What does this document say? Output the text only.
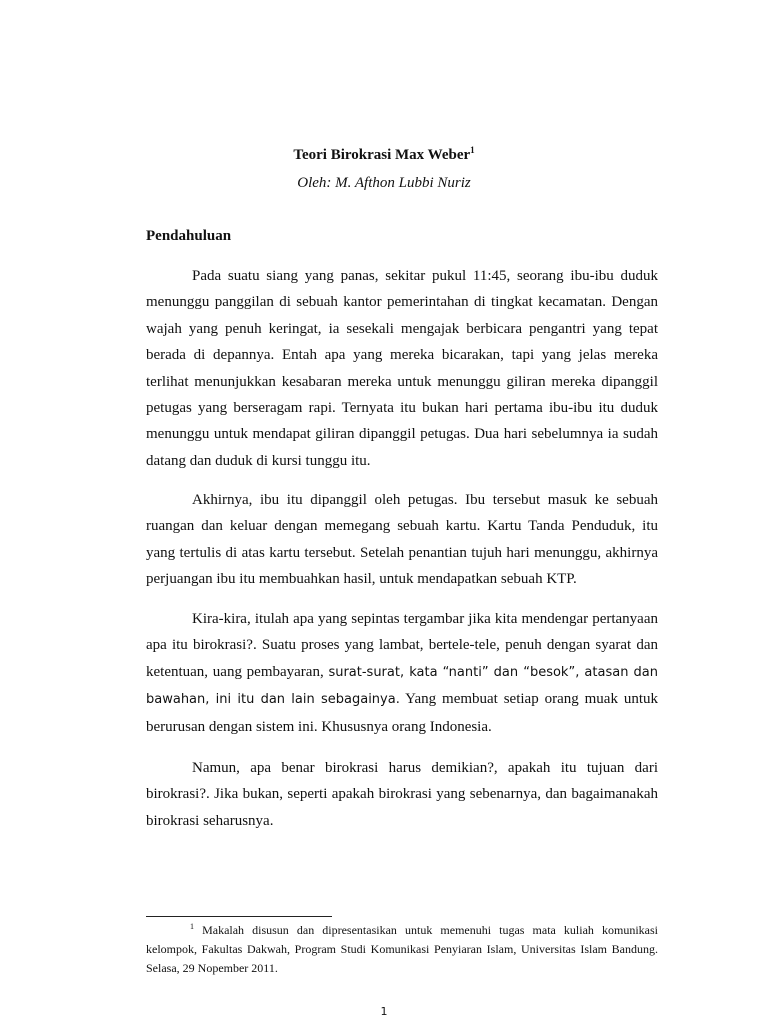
Teori Birokrasi Max Weber$^1$
Oleh: M. Afthon Lubbi Nuriz
Pendahuluan

Pada suatu siang yang panas, sekitar pukul 11:45, seorang ibu-ibu duduk menunggu panggilan di sebuah kantor pemerintahan di tingkat kecamatan. Dengan wajah yang penuh keringat, ia sesekali mengajak berbicara pengantri yang tepat berada di depannya. Entah apa yang mereka bicarakan, tapi yang jelas mereka terlihat menunjukkan kesabaran mereka untuk menunggu giliran mereka dipanggil petugas yang berseragam rapi. Ternyata itu bukan hari pertama ibu-ibu itu duduk menunggu untuk mendapat giliran dipanggil petugas. Dua hari sebelumnya ia sudah datang dan duduk di kursi tunggu itu.

Akhirnya, ibu itu dipanggil oleh petugas. Ibu tersebut masuk ke sebuah ruangan dan keluar dengan memegang sebuah kartu. Kartu Tanda Penduduk, itu yang tertulis di atas kartu tersebut. Setelah penantian tujuh hari menunggu, akhirnya perjuangan ibu itu membuahkan hasil, untuk mendapatkan sebuah KTP.

Kira-kira, itulah apa yang sepintas tergambar jika kita mendengar pertanyaan apa itu birokrasi?. Suatu proses yang lambat, bertele-tele, penuh dengan syarat dan ketentuan, uang pembayaran, surat-surat, kata “nanti” dan “besok”, atasan dan bawahan, ini itu dan lain sebagainya. Yang membuat setiap orang muak untuk berurusan dengan sistem ini. Khususnya orang Indonesia.

Namun, apa benar birokrasi harus demikian?, apakah itu tujuan dari birokrasi?. Jika bukan, seperti apakah birokrasi yang sebenarnya, dan bagaimanakah birokrasi seharusnya.

$^1$ Makalah disusun dan dipresentasikan untuk memenuhi tugas mata kuliah komunikasi kelompok, Fakultas Dakwah, Program Studi Komunikasi Penyiaran Islam, Universitas Islam Bandung. Selasa, 29 Nopember 2011.
1
